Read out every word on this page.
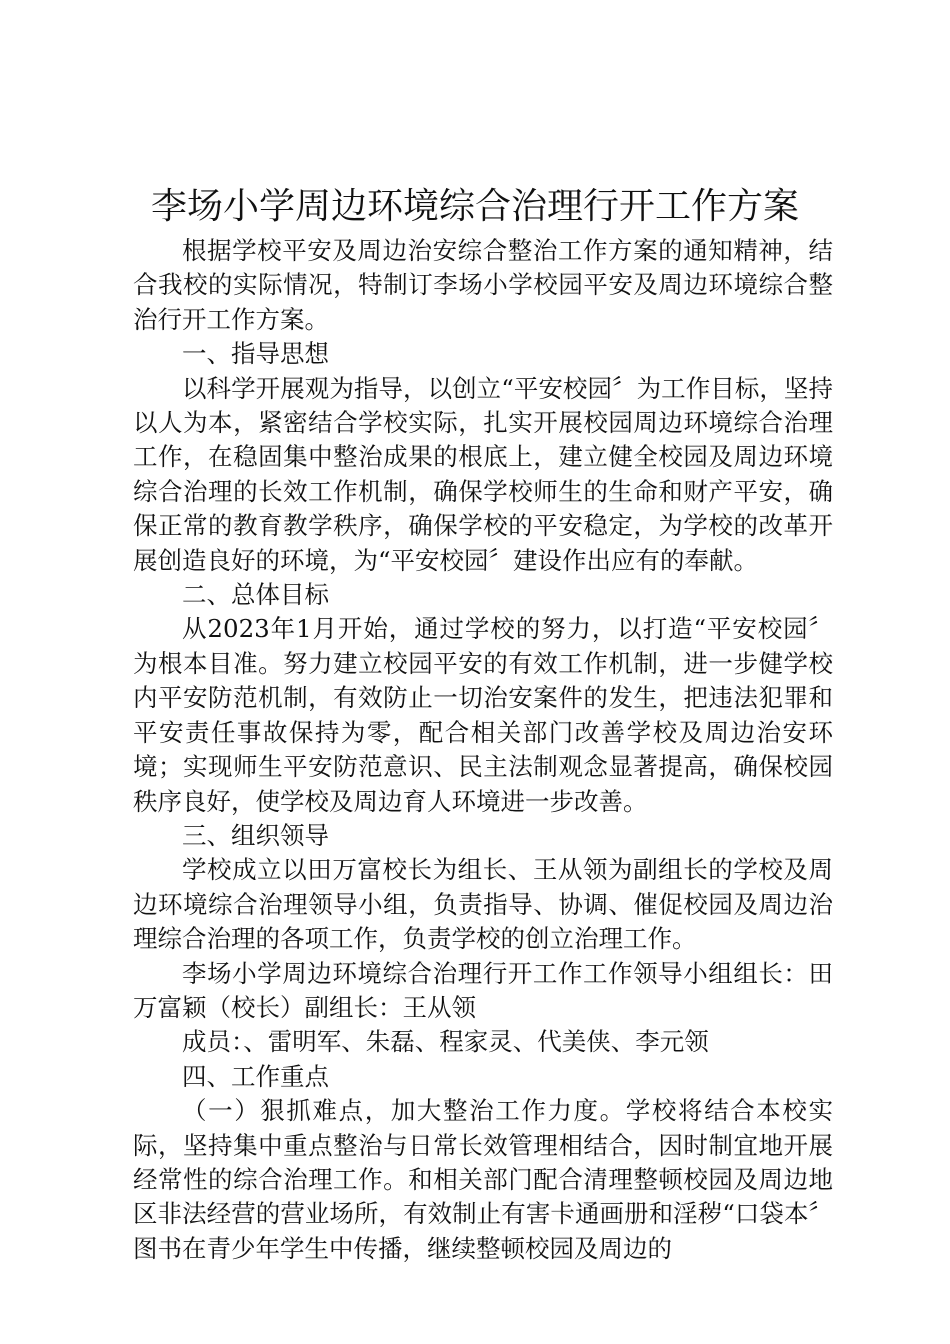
李场小学周边环境综合治理行开工作方案

根据学校平安及周边治安综合整治工作方案的通知精神，结合我校的实际情况，特制订李场小学校园平安及周边环境综合整治行开工作方案。

一、指导思想

以科学开展观为指导，以创立“平安校园〞为工作目标，坚持以人为本，紧密结合学校实际，扎实开展校园周边环境综合治理工作，在稳固集中整治成果的根底上，建立健全校园及周边环境综合治理的长效工作机制，确保学校师生的生命和财产平安，确保正常的教育教学秩序，确保学校的平安稳定，为学校的改革开展创造良好的环境，为“平安校园〞建设作出应有的奉献。

二、总体目标

从2023年1月开始，通过学校的努力，以打造“平安校园〞为根本目准。努力建立校园平安的有效工作机制，进一步健学校内平安防范机制，有效防止一切治安案件的发生，把违法犯罪和平安责任事故保持为零，配合相关部门改善学校及周边治安环境；实现师生平安防范意识、民主法制观念显著提高，确保校园秩序良好，使学校及周边育人环境进一步改善。

三、组织领导

学校成立以田万富校长为组长、王从领为副组长的学校及周边环境综合治理领导小组，负责指导、协调、催促校园及周边治理综合治理的各项工作，负责学校的创立治理工作。

李场小学周边环境综合治理行开工作工作领导小组组长：田万富颖（校长）副组长：王从领

成员：、雷明军、朱磊、程家灵、代美侠、李元领

四、工作重点

（一）狠抓难点，加大整治工作力度。学校将结合本校实际，坚持集中重点整治与日常长效管理相结合，因时制宜地开展经常性的综合治理工作。和相关部门配合清理整顿校园及周边地区非法经营的营业场所，有效制止有害卡通画册和淫秽“口袋本〞图书在青少年学生中传播，继续整顿校园及周边的
